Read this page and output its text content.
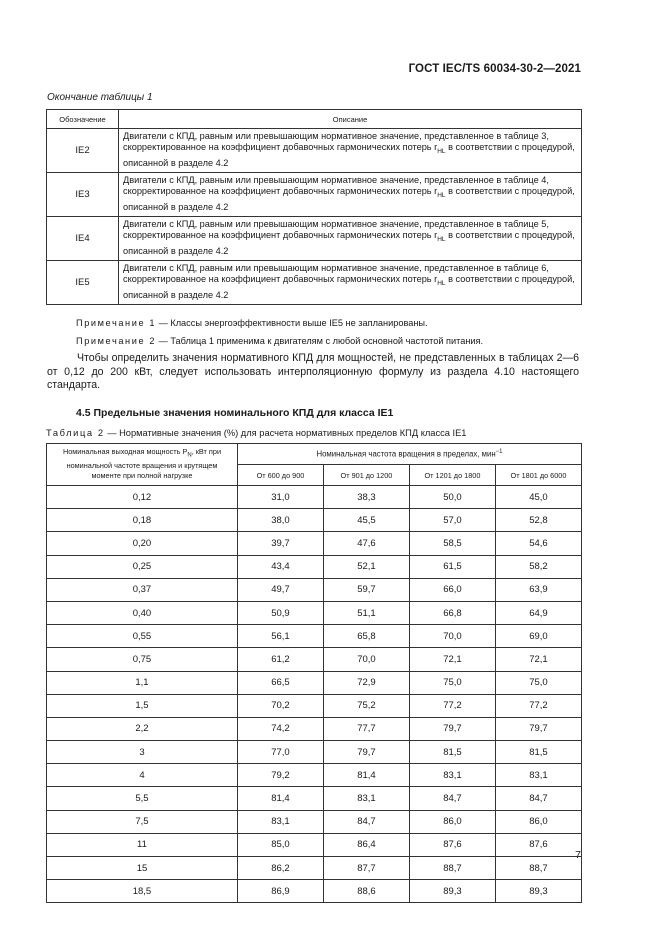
ГОСТ IEC/TS 60034-30-2—2021
Окончание таблицы 1
Обозначение	Описание
IE2	Двигатели с КПД, равным или превышающим нормативное значение, представленное в таблице 3, скорректированное на коэффициент добавочных гармонических потерь $r_{HL}$ в соответствии с процедурой, описанной в разделе 4.2
IE3	Двигатели с КПД, равным или превышающим нормативное значение, представленное в таблице 4, скорректированное на коэффициент добавочных гармонических потерь $r_{HL}$ в соответствии с процедурой, описанной в разделе 4.2
IE4	Двигатели с КПД, равным или превышающим нормативное значение, представленное в таблице 5, скорректированное на коэффициент добавочных гармонических потерь $r_{HL}$ в соответствии с процедурой, описанной в разделе 4.2
IE5	Двигатели с КПД, равным или превышающим нормативное значение, представленное в таблице 6, скорректированное на коэффициент добавочных гармонических потерь $r_{HL}$ в соответствии с процедурой, описанной в разделе 4.2
Примечание 1 — Классы энергоэффективности выше IE5 не запланированы.
Примечание 2 — Таблица 1 применима к двигателям с любой основной частотой питания.
Чтобы определить значения нормативного КПД для мощностей, не представленных в таблицах 2—6 от 0,12 до 200 кВт, следует использовать интерполяционную формулу из раздела 4.10 настоящего стандарта.
4.5 Предельные значения номинального КПД для класса IE1
Таблица 2 — Нормативные значения (%) для расчета нормативных пределов КПД класса IE1
Номинальная выходная мощность $P_N$, кВт при номинальной частоте вращения и крутящем моменте при полной нагрузке	Номинальная частота вращения в пределах, мин$^{-1}$
	От 600 до 900	От 901 до 1200	От 1201 до 1800	От 1801 до 6000
0,12	31,0	38,3	50,0	45,0
0,18	38,0	45,5	57,0	52,8
0,20	39,7	47,6	58,5	54,6
0,25	43,4	52,1	61,5	58,2
0,37	49,7	59,7	66,0	63,9
0,40	50,9	51,1	66,8	64,9
0,55	56,1	65,8	70,0	69,0
0,75	61,2	70,0	72,1	72,1
1,1	66,5	72,9	75,0	75,0
1,5	70,2	75,2	77,2	77,2
2,2	74,2	77,7	79,7	79,7
3	77,0	79,7	81,5	81,5
4	79,2	81,4	83,1	83,1
5,5	81,4	83,1	84,7	84,7
7,5	83,1	84,7	86,0	86,0
11	85,0	86,4	87,6	87,6
15	86,2	87,7	88,7	88,7
18,5	86,9	88,6	89,3	89,3
7
